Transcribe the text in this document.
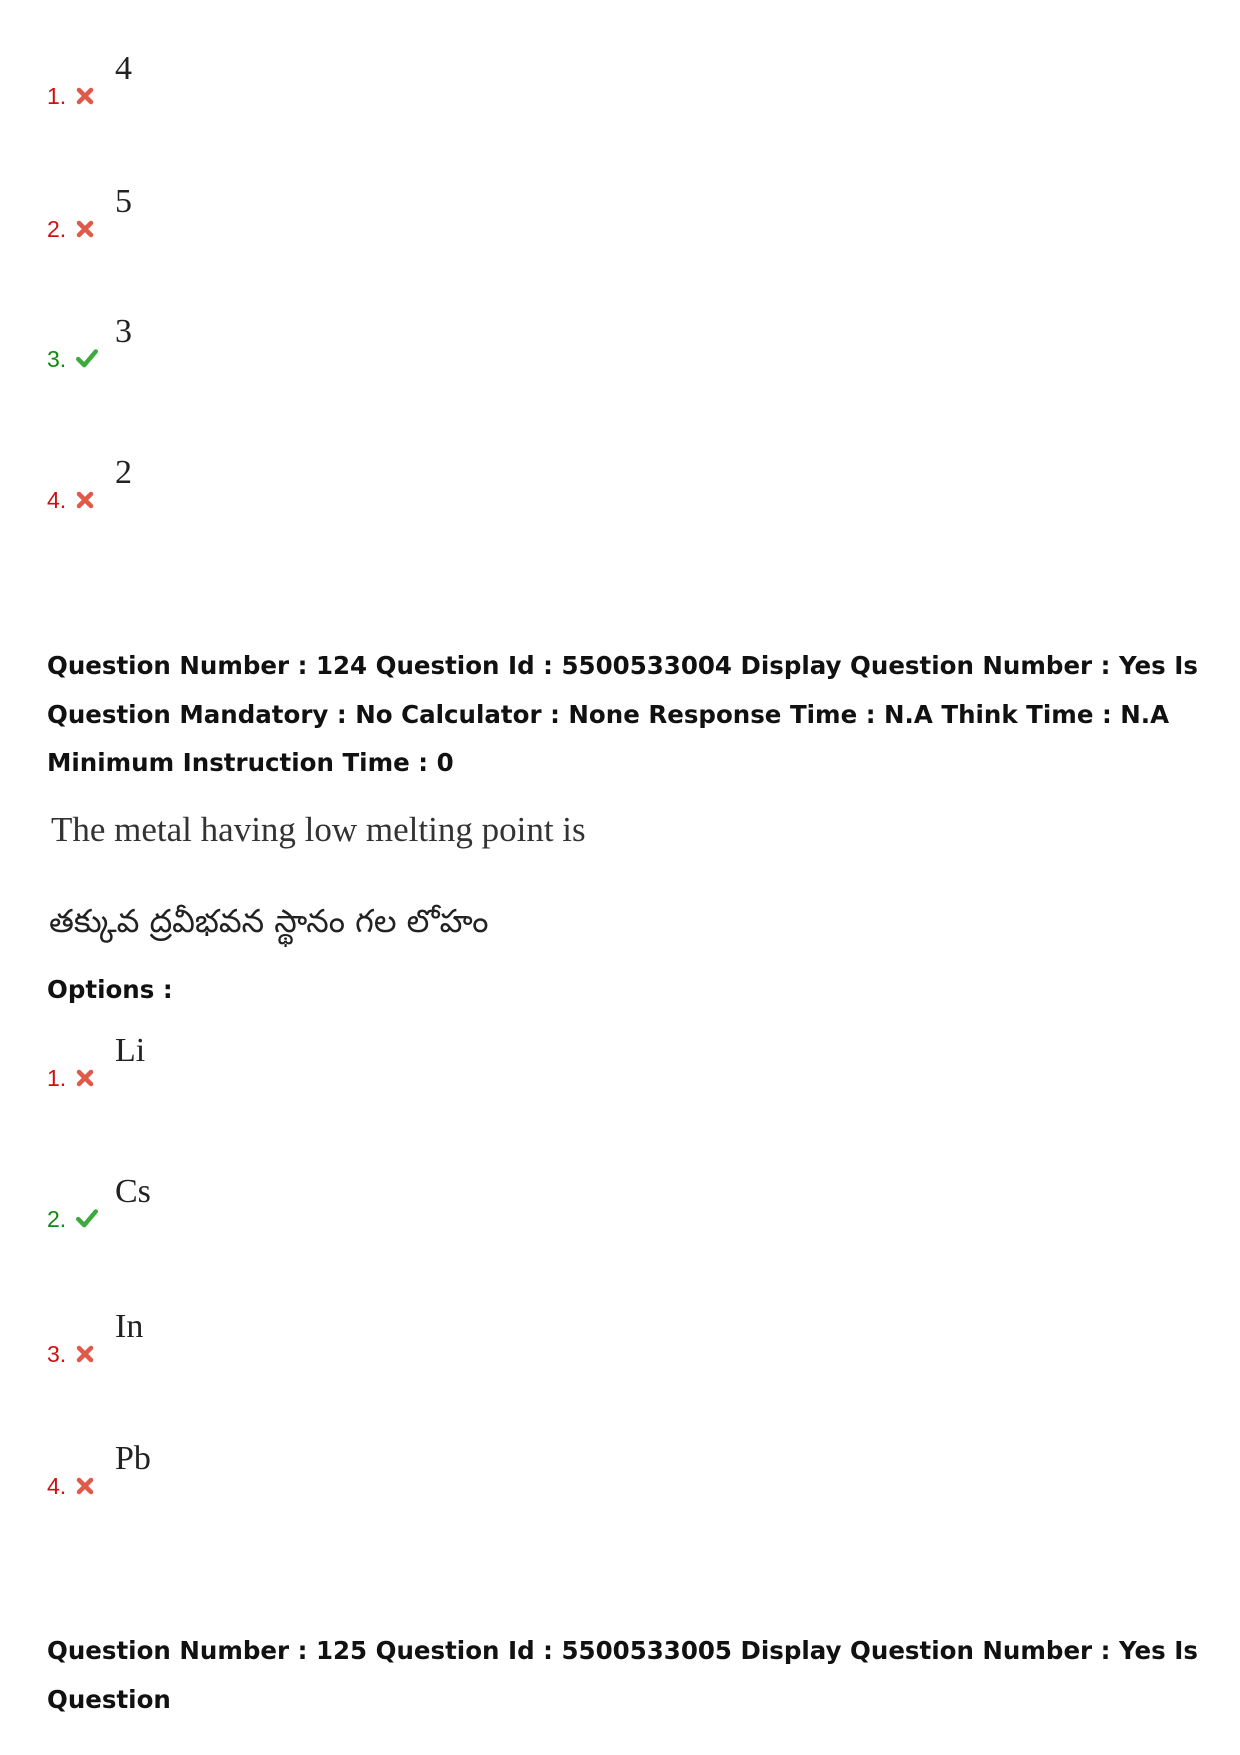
1.
4
2.
5
3.
3
4.
2

Question Number : 124 Question Id : 5500533004 Display Question Number : Yes Is Question Mandatory : No Calculator : None Response Time : N.A Think Time : N.A Minimum Instruction Time : 0

The metal having low melting point is

తక్కువ ద్రవీభవన స్థానం గల లోహం

Options :

1.
Li
2.
Cs
3.
In
4.
Pb

Question Number : 125 Question Id : 5500533005 Display Question Number : Yes Is Question
